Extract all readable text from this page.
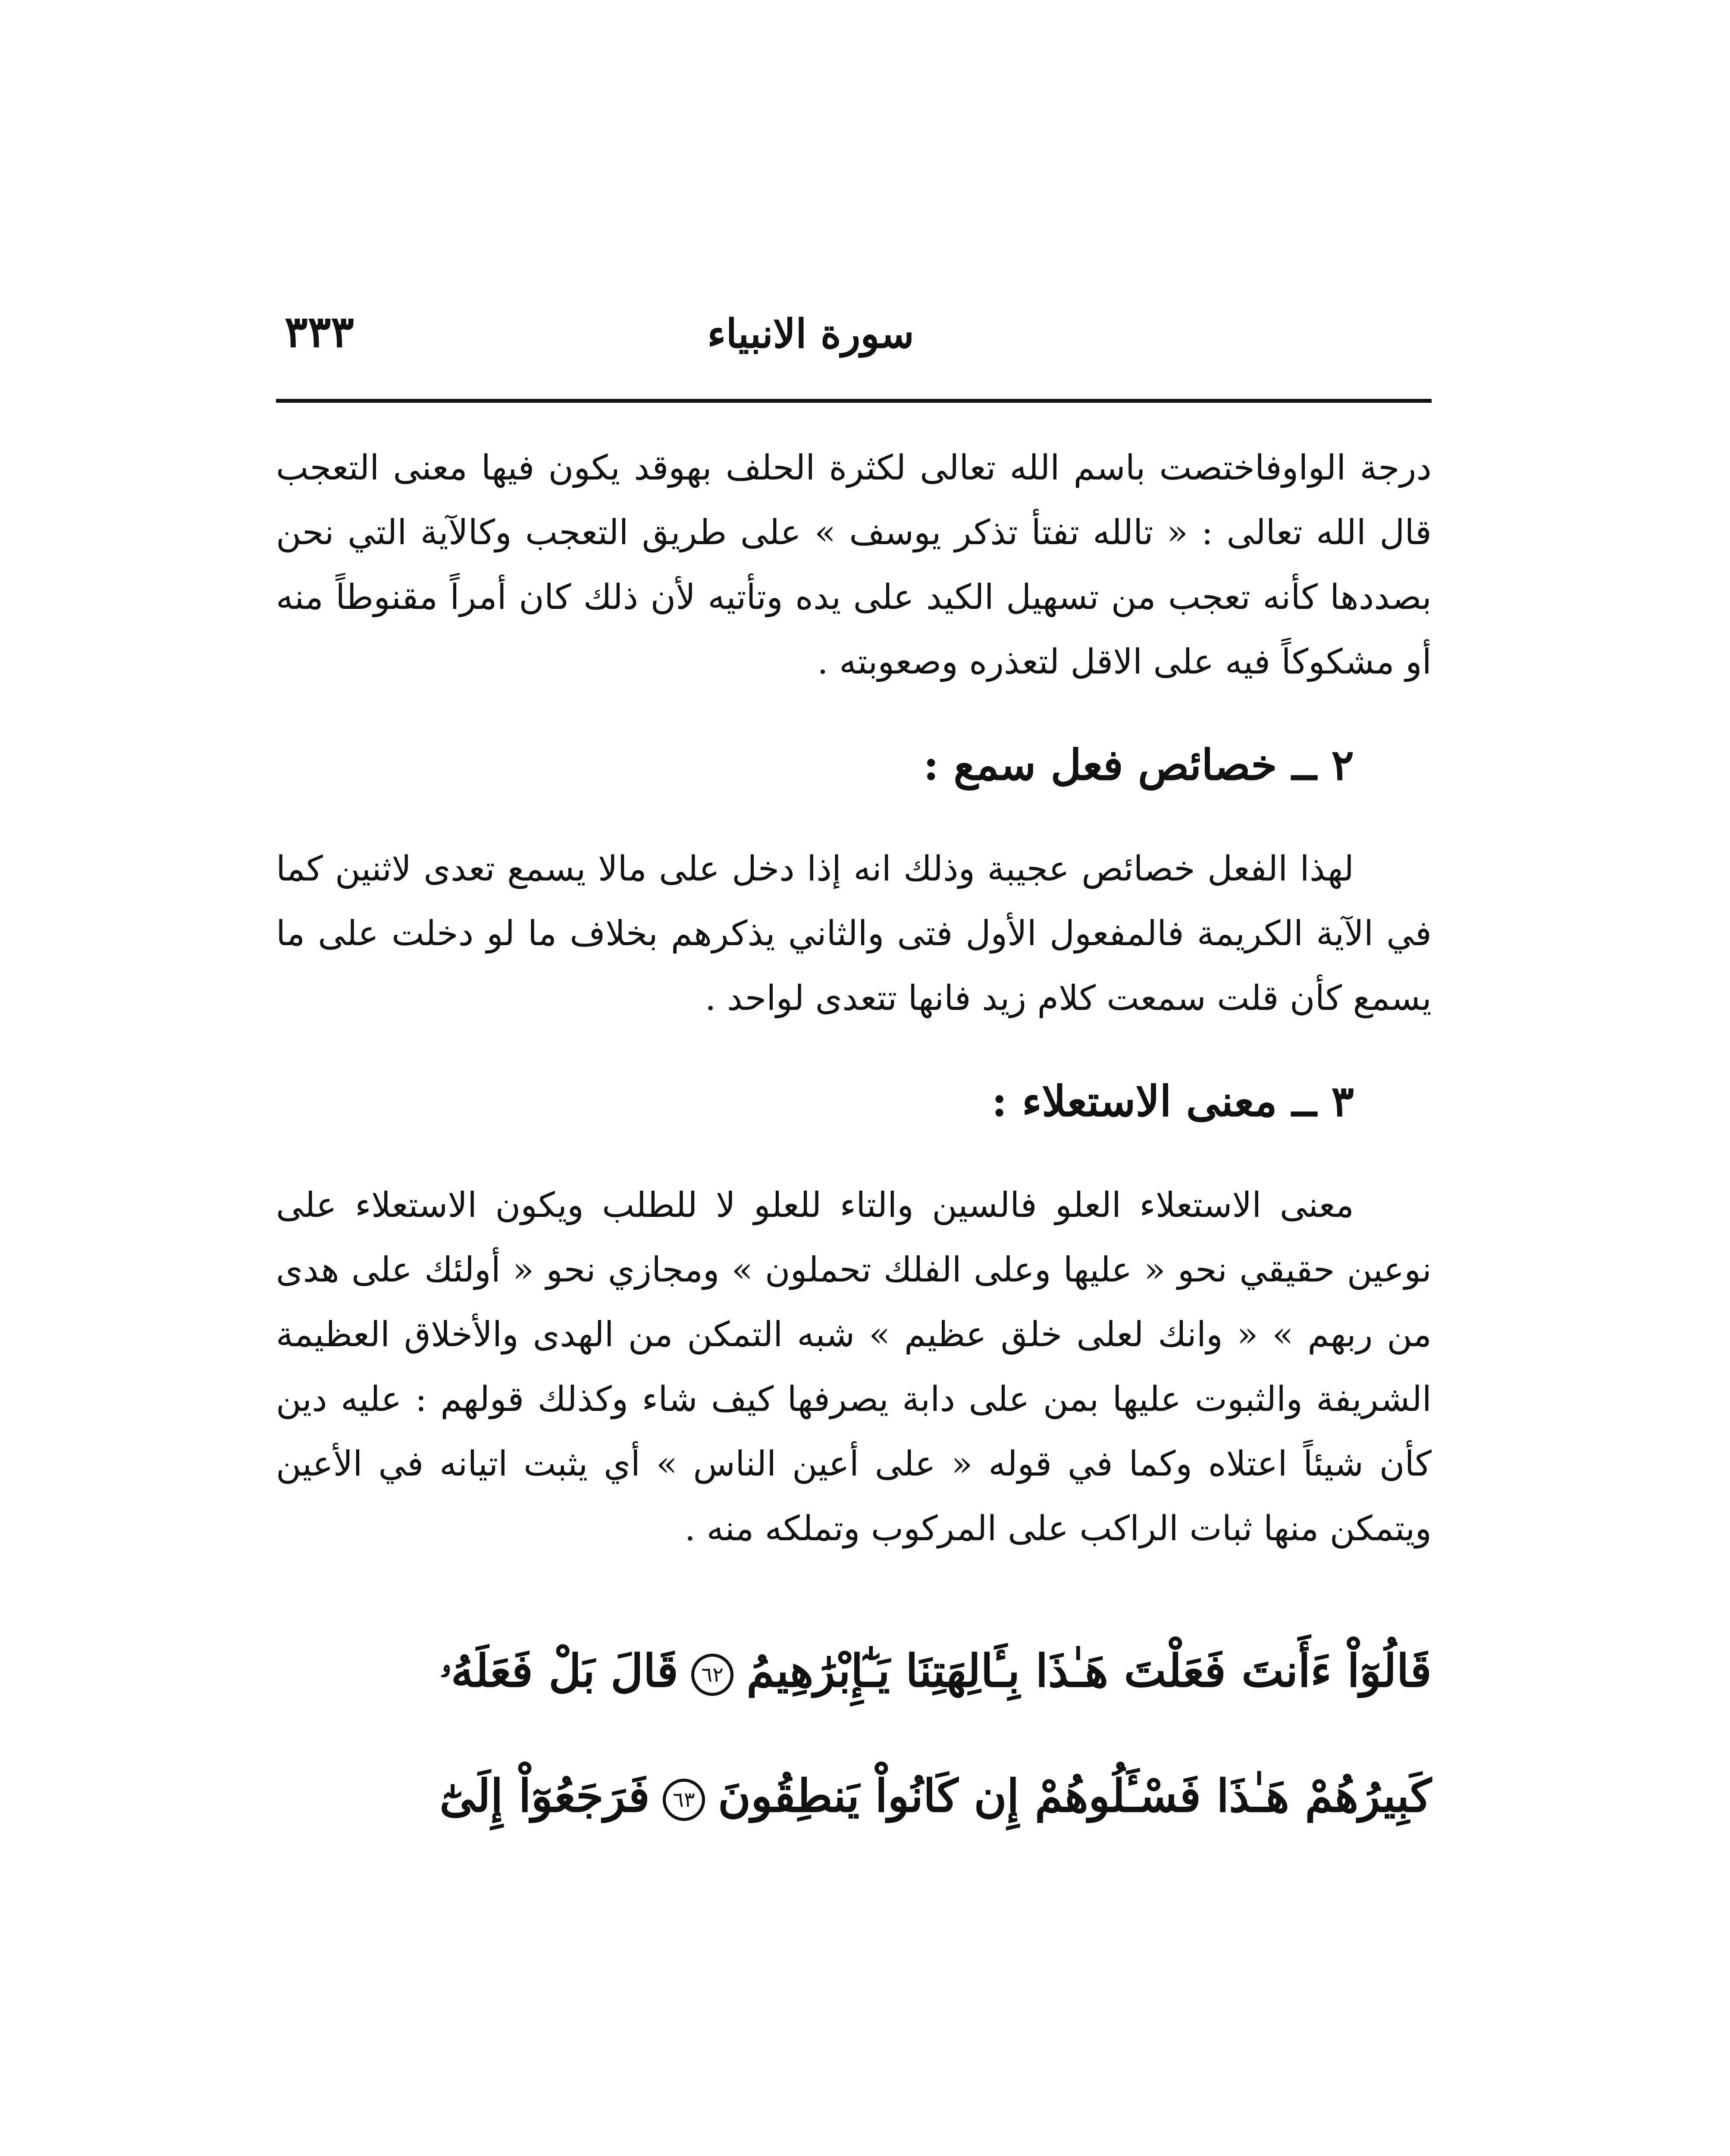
سورة الانبياء
٣٣٣

درجة الواوفاختصت باسم الله تعالى لكثرة الحلف بهوقد يكون فيها معنى التعجب قال الله تعالى : « تالله تفتأ تذكر يوسف » على طريق التعجب وكالآية التي نحن بصددها كأنه تعجب من تسهيل الكيد على يده وتأتيه لأن ذلك كان أمراً مقنوطاً منه أو مشكوكاً فيه على الاقل لتعذره وصعوبته .

٢ ــ خصائص فعل سمع :

لهذا الفعل خصائص عجيبة وذلك انه إذا دخل على مالا يسمع تعدى لاثنين كما في الآية الكريمة فالمفعول الأول فتى والثاني يذكرهم بخلاف ما لو دخلت على ما يسمع كأن قلت سمعت كلام زيد فانها تتعدى لواحد .

٣ ــ معنى الاستعلاء :

معنى الاستعلاء العلو فالسين والتاء للعلو لا للطلب ويكون الاستعلاء على نوعين حقيقي نحو « عليها وعلى الفلك تحملون » ومجازي نحو « أولئك على هدى من ربهم » « وانك لعلى خلق عظيم » شبه التمكن من الهدى والأخلاق العظيمة الشريفة والثبوت عليها بمن على دابة يصرفها كيف شاء وكذلك قولهم : عليه دين كأن شيئاً اعتلاه وكما في قوله « على أعين الناس » أي يثبت اتيانه في الأعين ويتمكن منها ثبات الراكب على المركوب وتملكه منه .

قَالُوٓاْ ءَأَنتَ فَعَلْتَ هَـٰذَا بِـَٔالِهَتِنَا يَـٰٓإِبْرَٰهِيمُ٦٢قَالَ بَلْ فَعَلَهُۥ

كَبِيرُهُمْ هَـٰذَا فَسْـَٔلُوهُمْ إِن كَانُواْ يَنطِقُونَ٦٣فَرَجَعُوٓاْ إِلَىٰٓ
